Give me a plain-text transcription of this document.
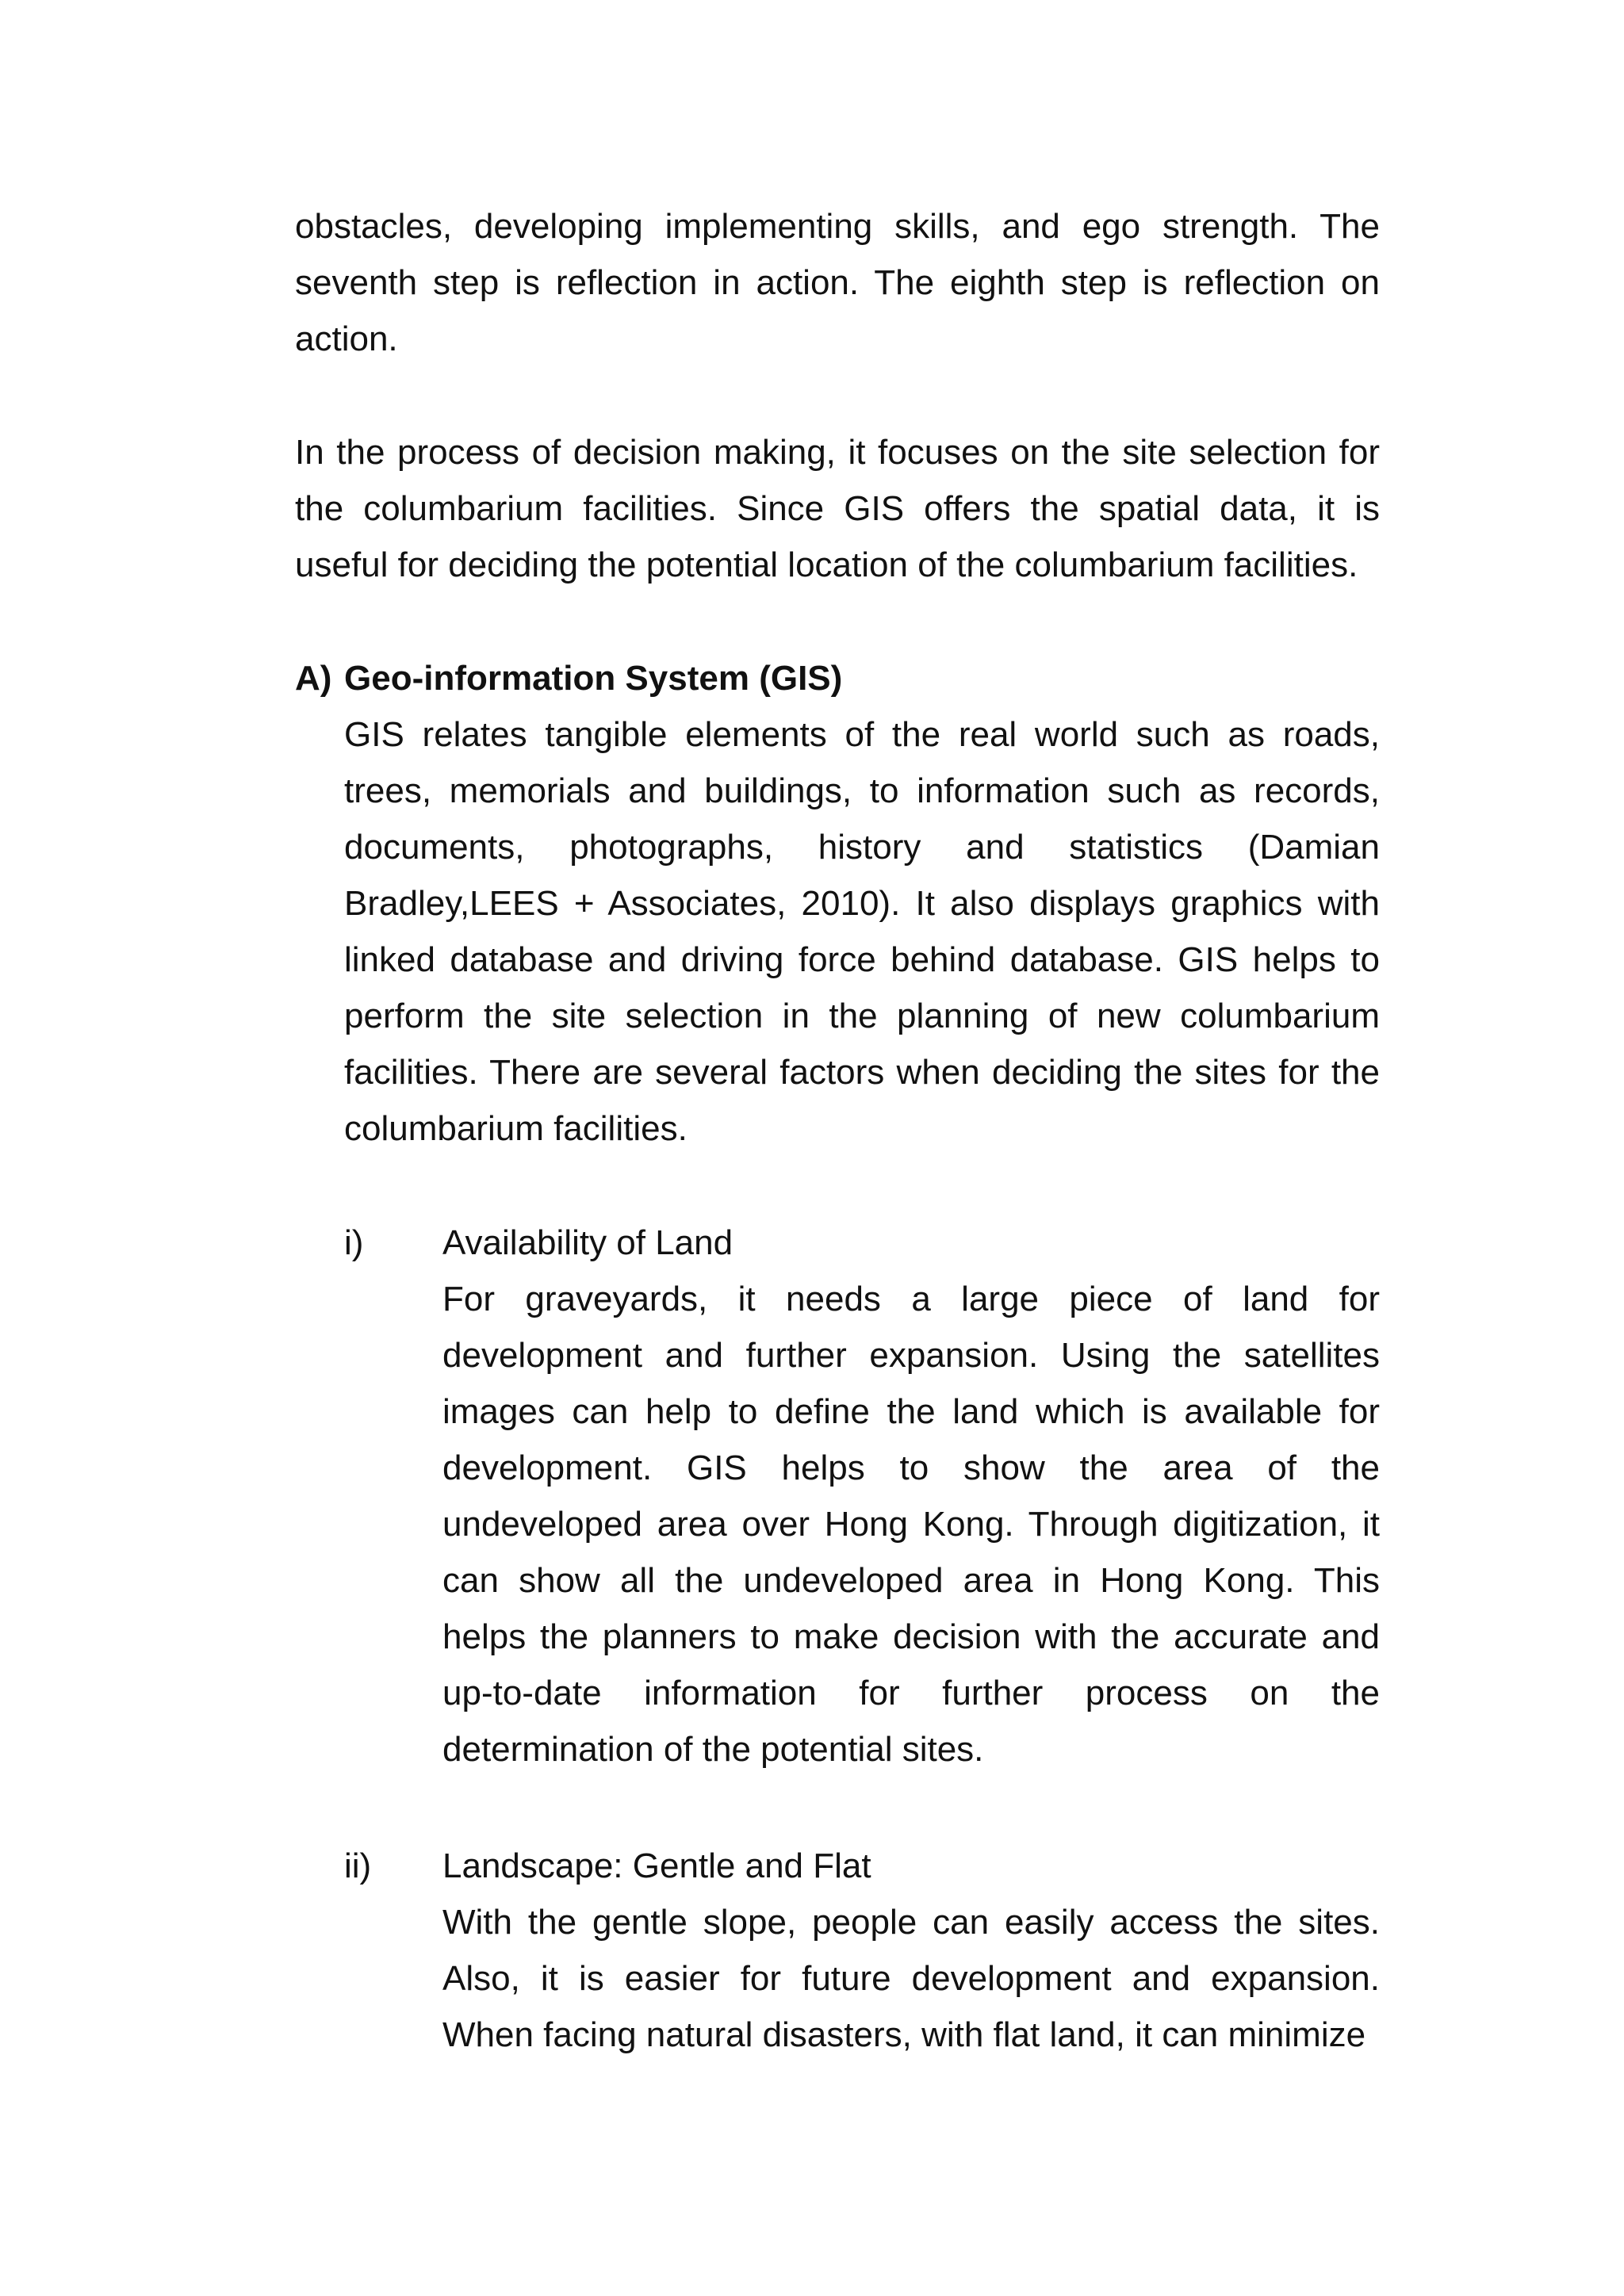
obstacles, developing implementing skills, and ego strength. The seventh step is reflection in action. The eighth step is reflection on action.

In the process of decision making, it focuses on the site selection for the columbarium facilities. Since GIS offers the spatial data, it is useful for deciding the potential location of the columbarium facilities.

A) Geo-information System (GIS)

GIS relates tangible elements of the real world such as roads, trees, memorials and buildings, to information such as records, documents, photographs, history and statistics (Damian Bradley,LEES + Associates, 2010). It also displays graphics with linked database and driving force behind database. GIS helps to perform the site selection in the planning of new columbarium facilities. There are several factors when deciding the sites for the columbarium facilities.

i) Availability of Land

For graveyards, it needs a large piece of land for development and further expansion. Using the satellites images can help to define the land which is available for development. GIS helps to show the area of the undeveloped area over Hong Kong. Through digitization, it can show all the undeveloped area in Hong Kong. This helps the planners to make decision with the accurate and up-to-date information for further process on the determination of the potential sites.

ii) Landscape: Gentle and Flat

With the gentle slope, people can easily access the sites. Also, it is easier for future development and expansion. When facing natural disasters, with flat land, it can minimize
